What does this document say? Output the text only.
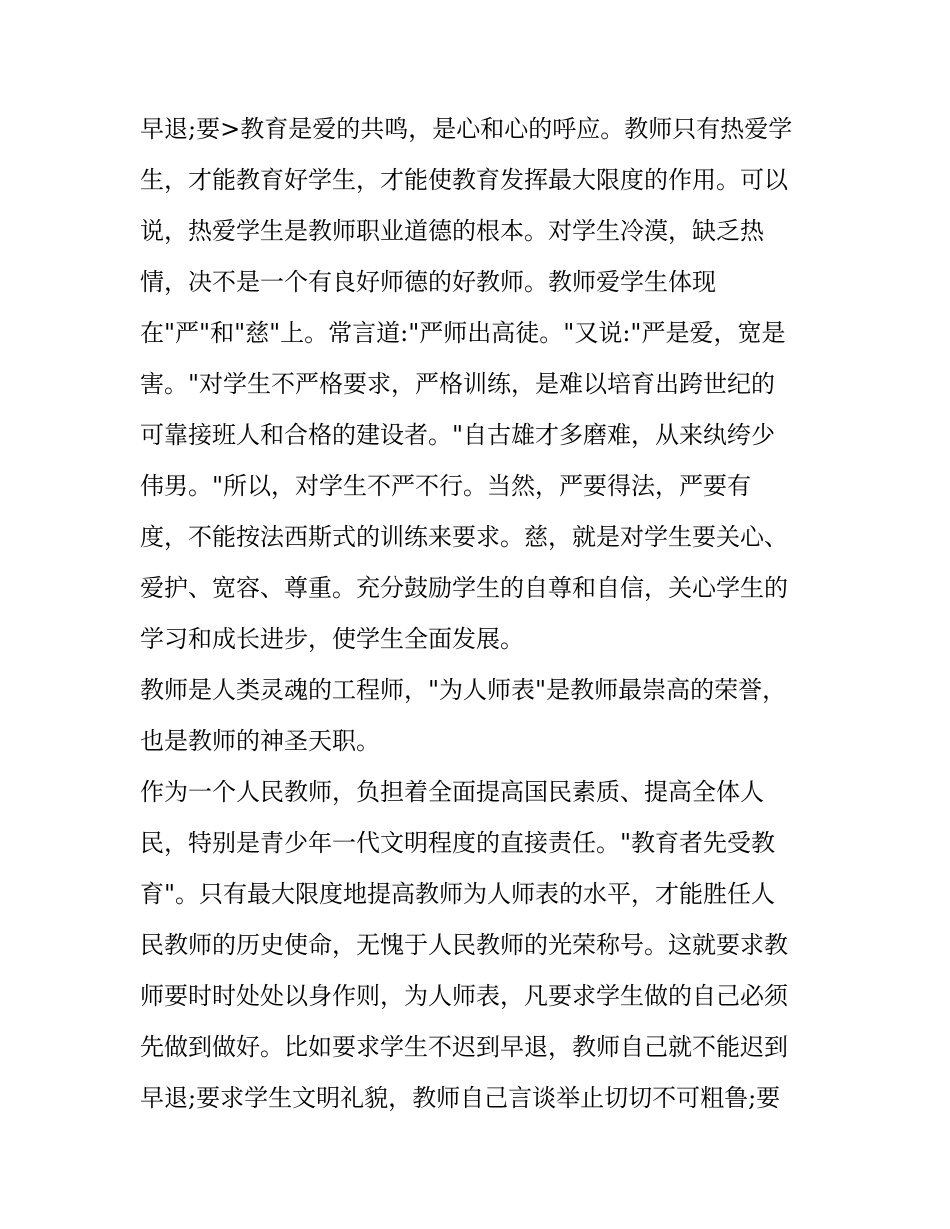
早退;要>教育是爱的共鸣，是心和心的呼应。教师只有热爱学
生，才能教育好学生，才能使教育发挥最大限度的作用。可以
说，热爱学生是教师职业道德的根本。对学生冷漠，缺乏热
情，决不是一个有良好师德的好教师。教师爱学生体现
在"严"和"慈"上。常言道:"严师出高徒。"又说:"严是爱，宽是
害。"对学生不严格要求，严格训练，是难以培育出跨世纪的
可靠接班人和合格的建设者。"自古雄才多磨难，从来纨绔少
伟男。"所以，对学生不严不行。当然，严要得法，严要有
度，不能按法西斯式的训练来要求。慈，就是对学生要关心、
爱护、宽容、尊重。充分鼓励学生的自尊和自信，关心学生的
学习和成长进步，使学生全面发展。
教师是人类灵魂的工程师，"为人师表"是教师最崇高的荣誉，
也是教师的神圣天职。
作为一个人民教师，负担着全面提高国民素质、提高全体人
民，特别是青少年一代文明程度的直接责任。"教育者先受教
育"。只有最大限度地提高教师为人师表的水平，才能胜任人
民教师的历史使命，无愧于人民教师的光荣称号。这就要求教
师要时时处处以身作则，为人师表，凡要求学生做的自己必须
先做到做好。比如要求学生不迟到早退，教师自己就不能迟到
早退;要求学生文明礼貌，教师自己言谈举止切切不可粗鲁;要
